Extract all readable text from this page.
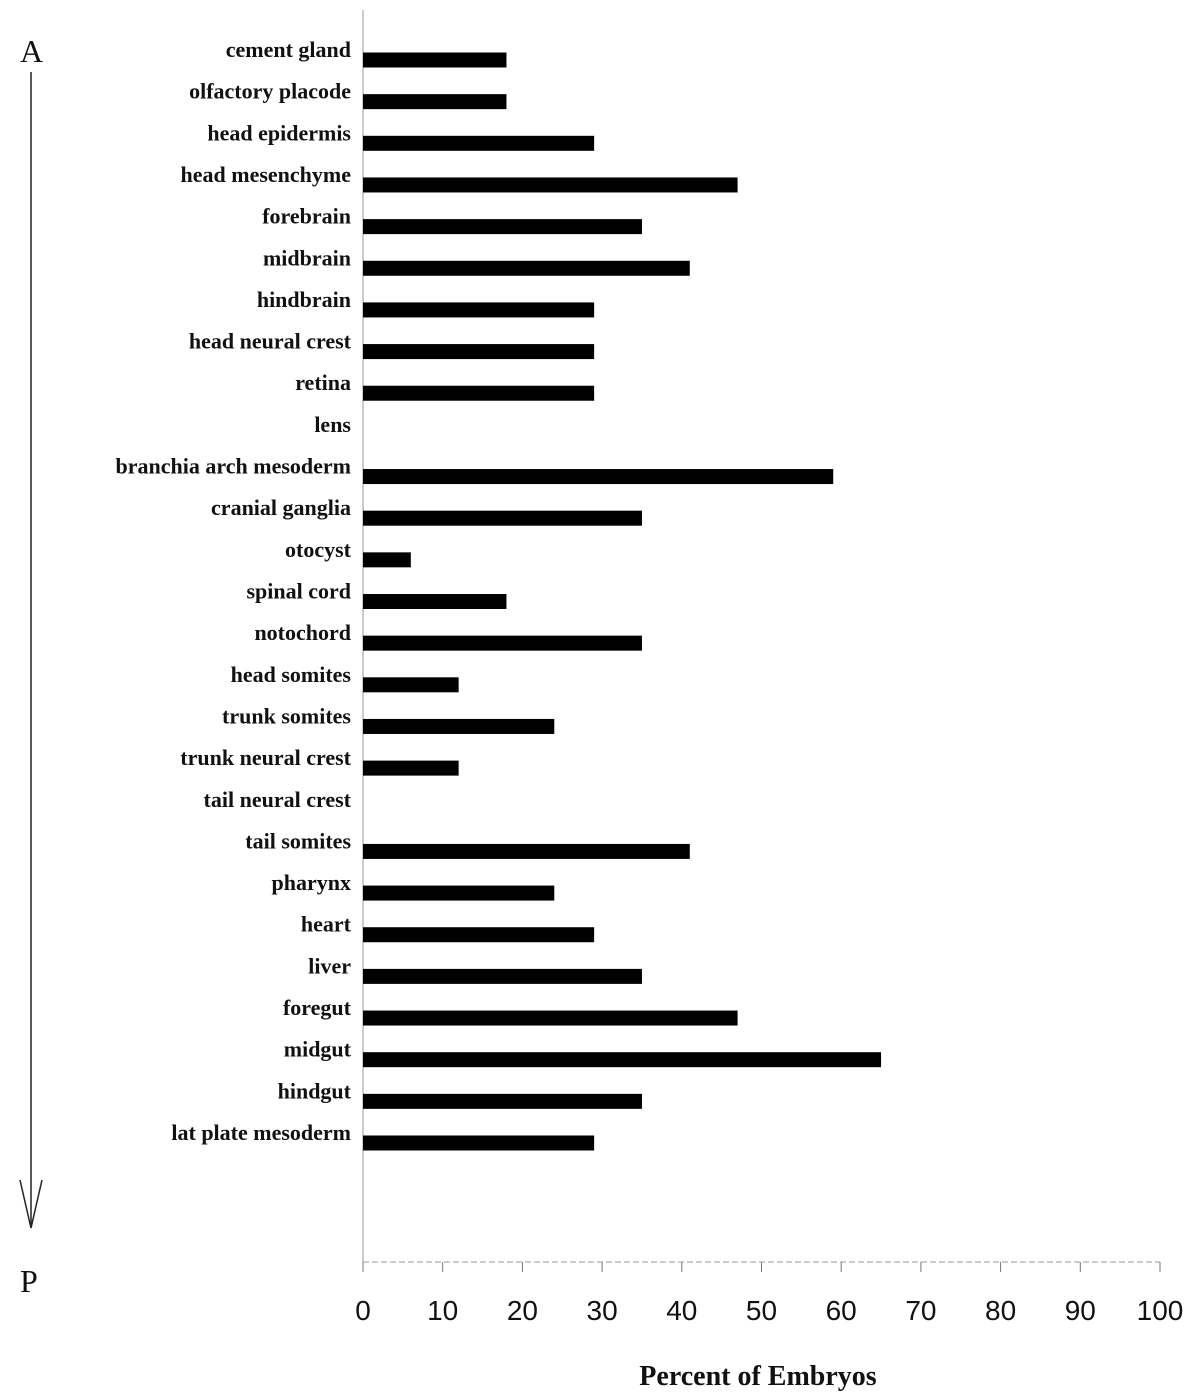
A
P
0 10 20 30 40 50 60 70 80 90 100
cement gland
olfactory placode
head epidermis
head mesenchyme
forebrain
midbrain
hindbrain
head neural crest
retina
lens
branchia arch mesoderm
cranial ganglia
otocyst
spinal cord
notochord
head somites
trunk somites
trunk neural crest
tail neural crest
tail somites
pharynx
heart
liver
foregut
midgut
hindgut
lat plate mesoderm
Percent of Embryos
